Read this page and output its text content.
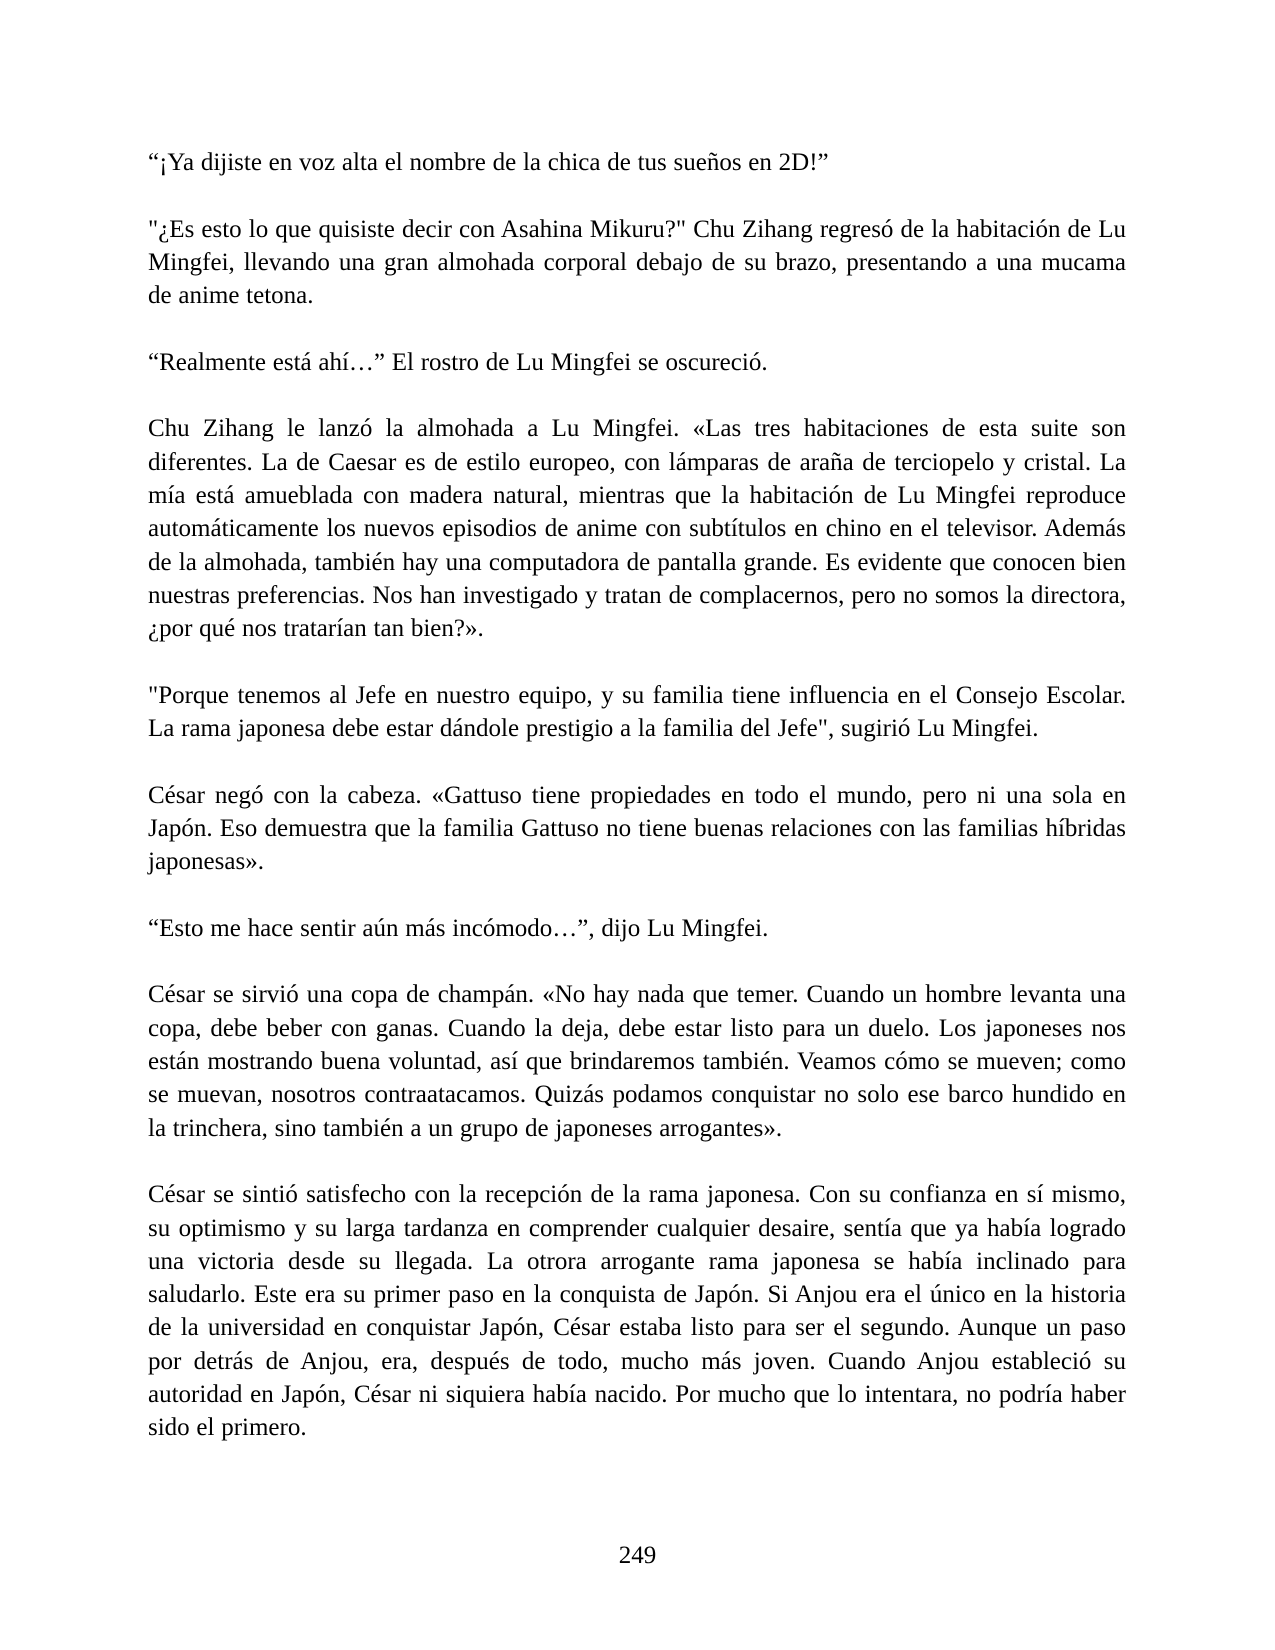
“¡Ya dijiste en voz alta el nombre de la chica de tus sueños en 2D!”

"¿Es esto lo que quisiste decir con Asahina Mikuru?" Chu Zihang regresó de la habitación de Lu Mingfei, llevando una gran almohada corporal debajo de su brazo, presentando a una mucama de anime tetona.

“Realmente está ahí…” El rostro de Lu Mingfei se oscureció.

Chu Zihang le lanzó la almohada a Lu Mingfei. «Las tres habitaciones de esta suite son diferentes. La de Caesar es de estilo europeo, con lámparas de araña de terciopelo y cristal. La mía está amueblada con madera natural, mientras que la habitación de Lu Mingfei reproduce automáticamente los nuevos episodios de anime con subtítulos en chino en el televisor. Además de la almohada, también hay una computadora de pantalla grande. Es evidente que conocen bien nuestras preferencias. Nos han investigado y tratan de complacernos, pero no somos la directora, ¿por qué nos tratarían tan bien?».

"Porque tenemos al Jefe en nuestro equipo, y su familia tiene influencia en el Consejo Escolar. La rama japonesa debe estar dándole prestigio a la familia del Jefe", sugirió Lu Mingfei.

César negó con la cabeza. «Gattuso tiene propiedades en todo el mundo, pero ni una sola en Japón. Eso demuestra que la familia Gattuso no tiene buenas relaciones con las familias híbridas japonesas».

“Esto me hace sentir aún más incómodo…”, dijo Lu Mingfei.

César se sirvió una copa de champán. «No hay nada que temer. Cuando un hombre levanta una copa, debe beber con ganas. Cuando la deja, debe estar listo para un duelo. Los japoneses nos están mostrando buena voluntad, así que brindaremos también. Veamos cómo se mueven; como se muevan, nosotros contraatacamos. Quizás podamos conquistar no solo ese barco hundido en la trinchera, sino también a un grupo de japoneses arrogantes».

César se sintió satisfecho con la recepción de la rama japonesa. Con su confianza en sí mismo, su optimismo y su larga tardanza en comprender cualquier desaire, sentía que ya había logrado una victoria desde su llegada. La otrora arrogante rama japonesa se había inclinado para saludarlo. Este era su primer paso en la conquista de Japón. Si Anjou era el único en la historia de la universidad en conquistar Japón, César estaba listo para ser el segundo. Aunque un paso por detrás de Anjou, era, después de todo, mucho más joven. Cuando Anjou estableció su autoridad en Japón, César ni siquiera había nacido. Por mucho que lo intentara, no podría haber sido el primero.

249
